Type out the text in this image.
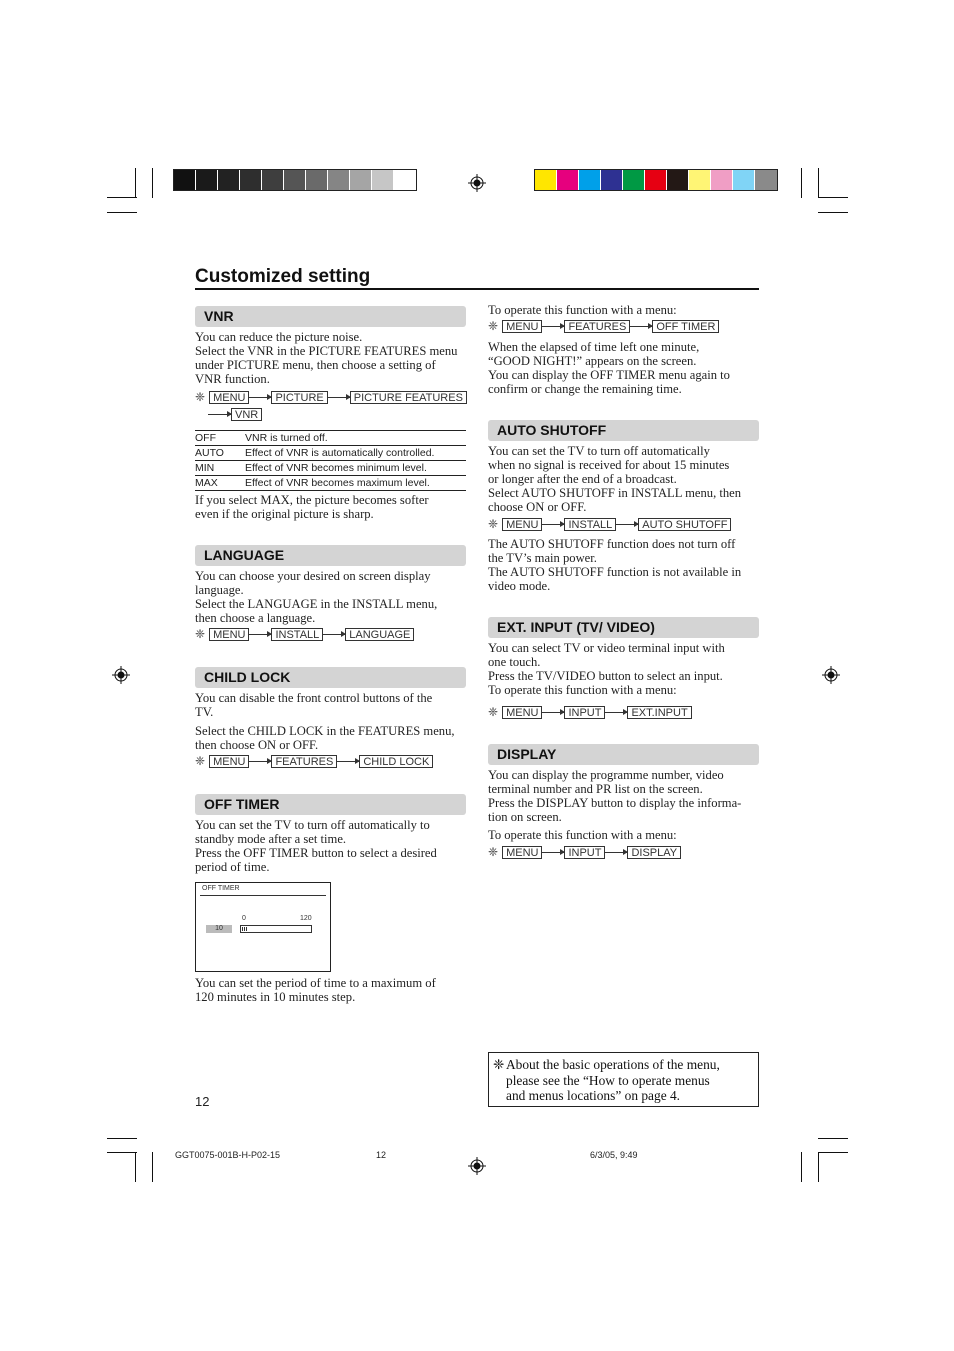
Customized setting
VNR
You can reduce the picture noise.
Select the VNR in the PICTURE FEATURES menu
under PICTURE menu, then choose a setting of
VNR function.
❈ MENU	PICTURE	PICTURE FEATURES
VNR
OFF	VNR is turned off.
AUTO	Effect of VNR is automatically controlled.
MIN	Effect of VNR becomes minimum level.
MAX	Effect of VNR becomes maximum level.
If you select MAX, the picture becomes softer
even if the original picture is sharp.
LANGUAGE
You can choose your desired on screen display
language.
Select the LANGUAGE in the INSTALL menu,
then choose a language.
❈ MENU	INSTALL	LANGUAGE
CHILD LOCK
You can disable the front control buttons of the
TV.
Select the CHILD LOCK in the FEATURES menu,
then choose ON or OFF.
❈ MENU	FEATURES	CHILD LOCK
OFF TIMER
You can set the TV to turn off automatically to
standby mode after a set time.
Press the OFF TIMER button to select a desired
period of time.
OFF TIMER
0	120
10
You can set the period of time to a maximum of
120 minutes in 10 minutes step.
12
To operate this function with a menu:
❈ MENU	FEATURES	OFF TIMER
When the elapsed of time left one minute,
“GOOD NIGHT!” appears on the screen.
You can display the OFF TIMER menu again to
confirm or change the remaining time.
AUTO SHUTOFF
You can set the TV to turn off automatically
when no signal is received for about 15 minutes
or longer after the end of a broadcast.
Select AUTO SHUTOFF in INSTALL menu, then
choose ON or OFF.
❈ MENU	INSTALL	AUTO SHUTOFF
The AUTO SHUTOFF function does not turn off
the TV’s main power.
The AUTO SHUTOFF function is not available in
video mode.
EXT. INPUT (TV/ VIDEO)
You can select TV or video terminal input with
one touch.
Press the TV/VIDEO button to select an input.
To operate this function with a menu:
❈ MENU	INPUT	EXT.INPUT
DISPLAY
You can display the programme number, video
terminal number and PR list on the screen.
Press the DISPLAY button to display the informa-
tion on screen.
To operate this function with a menu:
❈ MENU	INPUT	DISPLAY
❈ About the basic operations of the menu,
please see the “How to operate menus
and menus locations” on page 4.
GGT0075-001B-H-P02-15	12	6/3/05, 9:49
